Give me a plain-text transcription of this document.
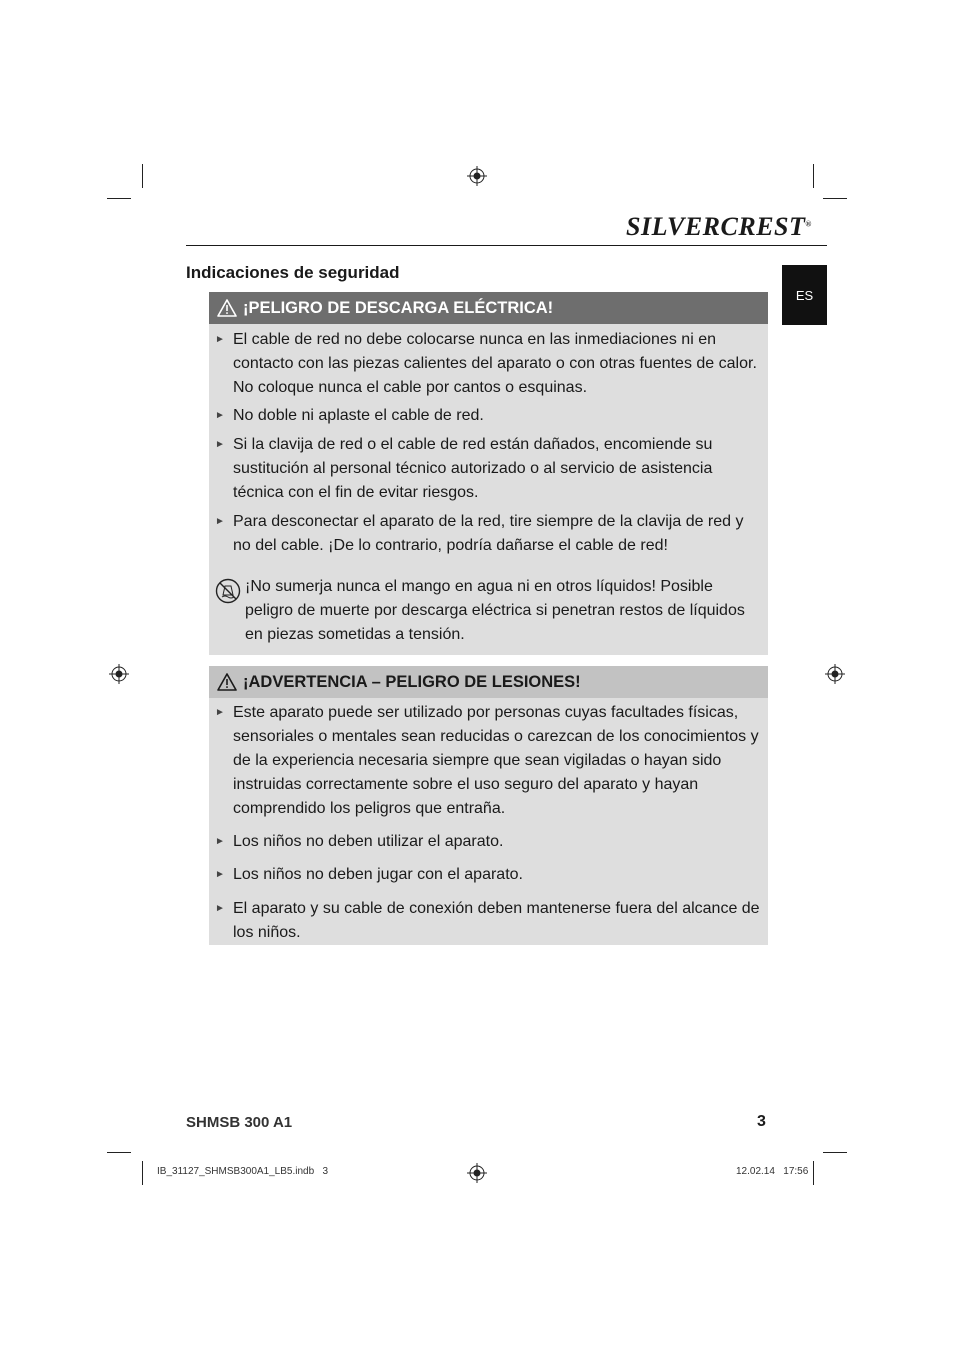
SILVERCREST®
ES
Indicaciones de seguridad
¡PELIGRO DE DESCARGA ELÉCTRICA!
► El cable de red no debe colocarse nunca en las inmediaciones ni en contacto con las piezas calientes del aparato o con otras fuentes de calor. No coloque nunca el cable por cantos o esquinas.
► No doble ni aplaste el cable de red.
► Si la clavija de red o el cable de red están dañados, encomiende su sustitución al personal técnico autorizado o al servicio de asistencia técnica con el fin de evitar riesgos.
► Para desconectar el aparato de la red, tire siempre de la clavija de red y no del cable. ¡De lo contrario, podría dañarse el cable de red!
¡No sumerja nunca el mango en agua ni en otros líquidos! Posible peligro de muerte por descarga eléctrica si penetran restos de líquidos en piezas sometidas a tensión.
¡ADVERTENCIA – PELIGRO DE LESIONES!
► Este aparato puede ser utilizado por personas cuyas facultades físicas, sensoriales o mentales sean reducidas o carezcan de los conocimientos y de la experiencia necesaria siempre que sean vigiladas o hayan sido instruidas correctamente sobre el uso seguro del aparato y hayan comprendido los peligros que entraña.
► Los niños no deben utilizar el aparato.
► Los niños no deben jugar con el aparato.
► El aparato y su cable de conexión deben mantenerse fuera del alcance de los niños.
SHMSB 300 A1	3
IB_31127_SHMSB300A1_LB5.indb   3	12.02.14   17:56
